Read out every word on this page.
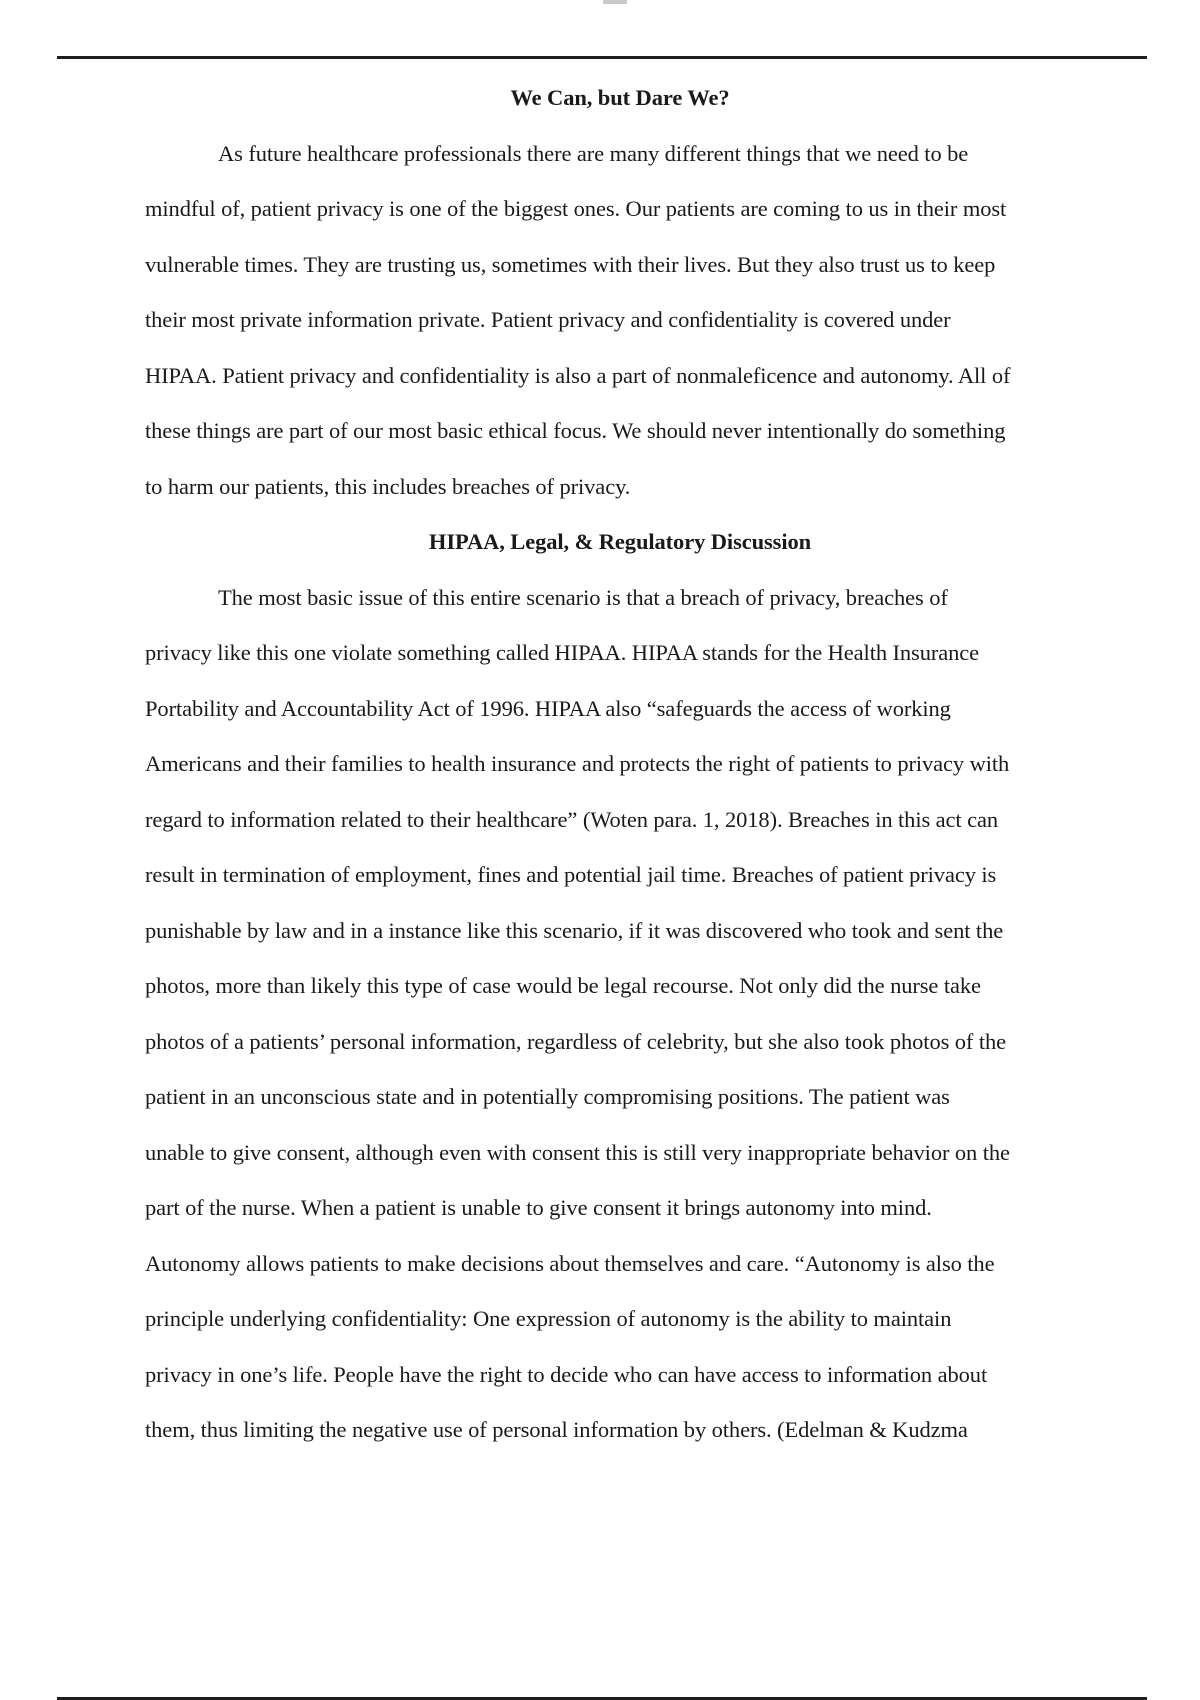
We Can, but Dare We?
As future healthcare professionals there are many different things that we need to be
mindful of, patient privacy is one of the biggest ones. Our patients are coming to us in their most
vulnerable times. They are trusting us, sometimes with their lives. But they also trust us to keep
their most private information private. Patient privacy and confidentiality is covered under
HIPAA. Patient privacy and confidentiality is also a part of nonmaleficence and autonomy. All of
these things are part of our most basic ethical focus. We should never intentionally do something
to harm our patients, this includes breaches of privacy.
HIPAA, Legal, & Regulatory Discussion
The most basic issue of this entire scenario is that a breach of privacy, breaches of
privacy like this one violate something called HIPAA. HIPAA stands for the Health Insurance
Portability and Accountability Act of 1996. HIPAA also “safeguards the access of working
Americans and their families to health insurance and protects the right of patients to privacy with
regard to information related to their healthcare” (Woten para. 1, 2018). Breaches in this act can
result in termination of employment, fines and potential jail time. Breaches of patient privacy is
punishable by law and in a instance like this scenario, if it was discovered who took and sent the
photos, more than likely this type of case would be legal recourse. Not only did the nurse take
photos of a patients’ personal information, regardless of celebrity, but she also took photos of the
patient in an unconscious state and in potentially compromising positions. The patient was
unable to give consent, although even with consent this is still very inappropriate behavior on the
part of the nurse. When a patient is unable to give consent it brings autonomy into mind.
Autonomy allows patients to make decisions about themselves and care. “Autonomy is also the
principle underlying confidentiality: One expression of autonomy is the ability to maintain
privacy in one’s life. People have the right to decide who can have access to information about
them, thus limiting the negative use of personal information by others. (Edelman & Kudzma
